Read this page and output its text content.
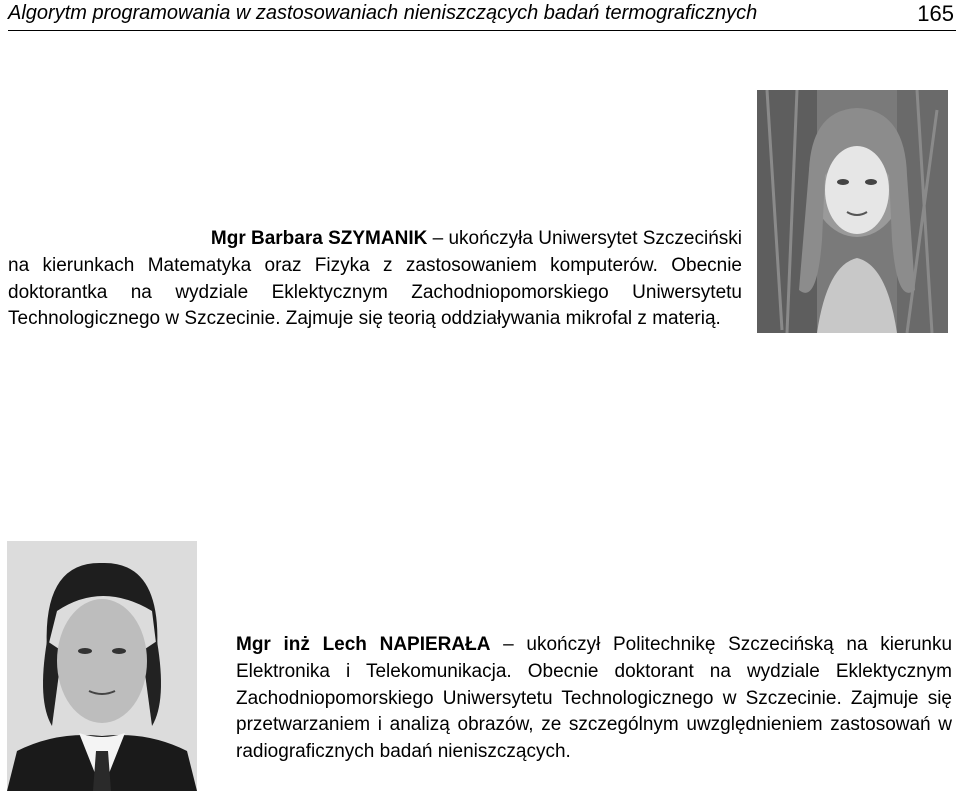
Algorytm programowania w zastosowaniach nieniszczących badań termograficznych	165

Mgr Barbara SZYMANIK – ukończyła Uniwersytet Szczeciński

na kierunkach Matematyka oraz Fizyka z zastosowaniem komputerów. Obecnie doktorantka na wydziale Eklektycznym Zachodniopomorskiego Uniwersytetu Technologicznego w Szczecinie. Zajmuje się teorią oddziaływania mikrofal z materią.

Mgr inż Lech NAPIERAŁA – ukończył Politechnikę Szczecińską na kierunku Elektronika i Telekomunikacja. Obecnie doktorant na wydziale Eklektycznym Zachodniopomorskiego Uniwersytetu Technologicznego w Szczecinie. Zajmuje się przetwarzaniem i analizą obrazów, ze szczególnym uwzględnieniem zastosowań w radiograficznych badań nieniszczących.
